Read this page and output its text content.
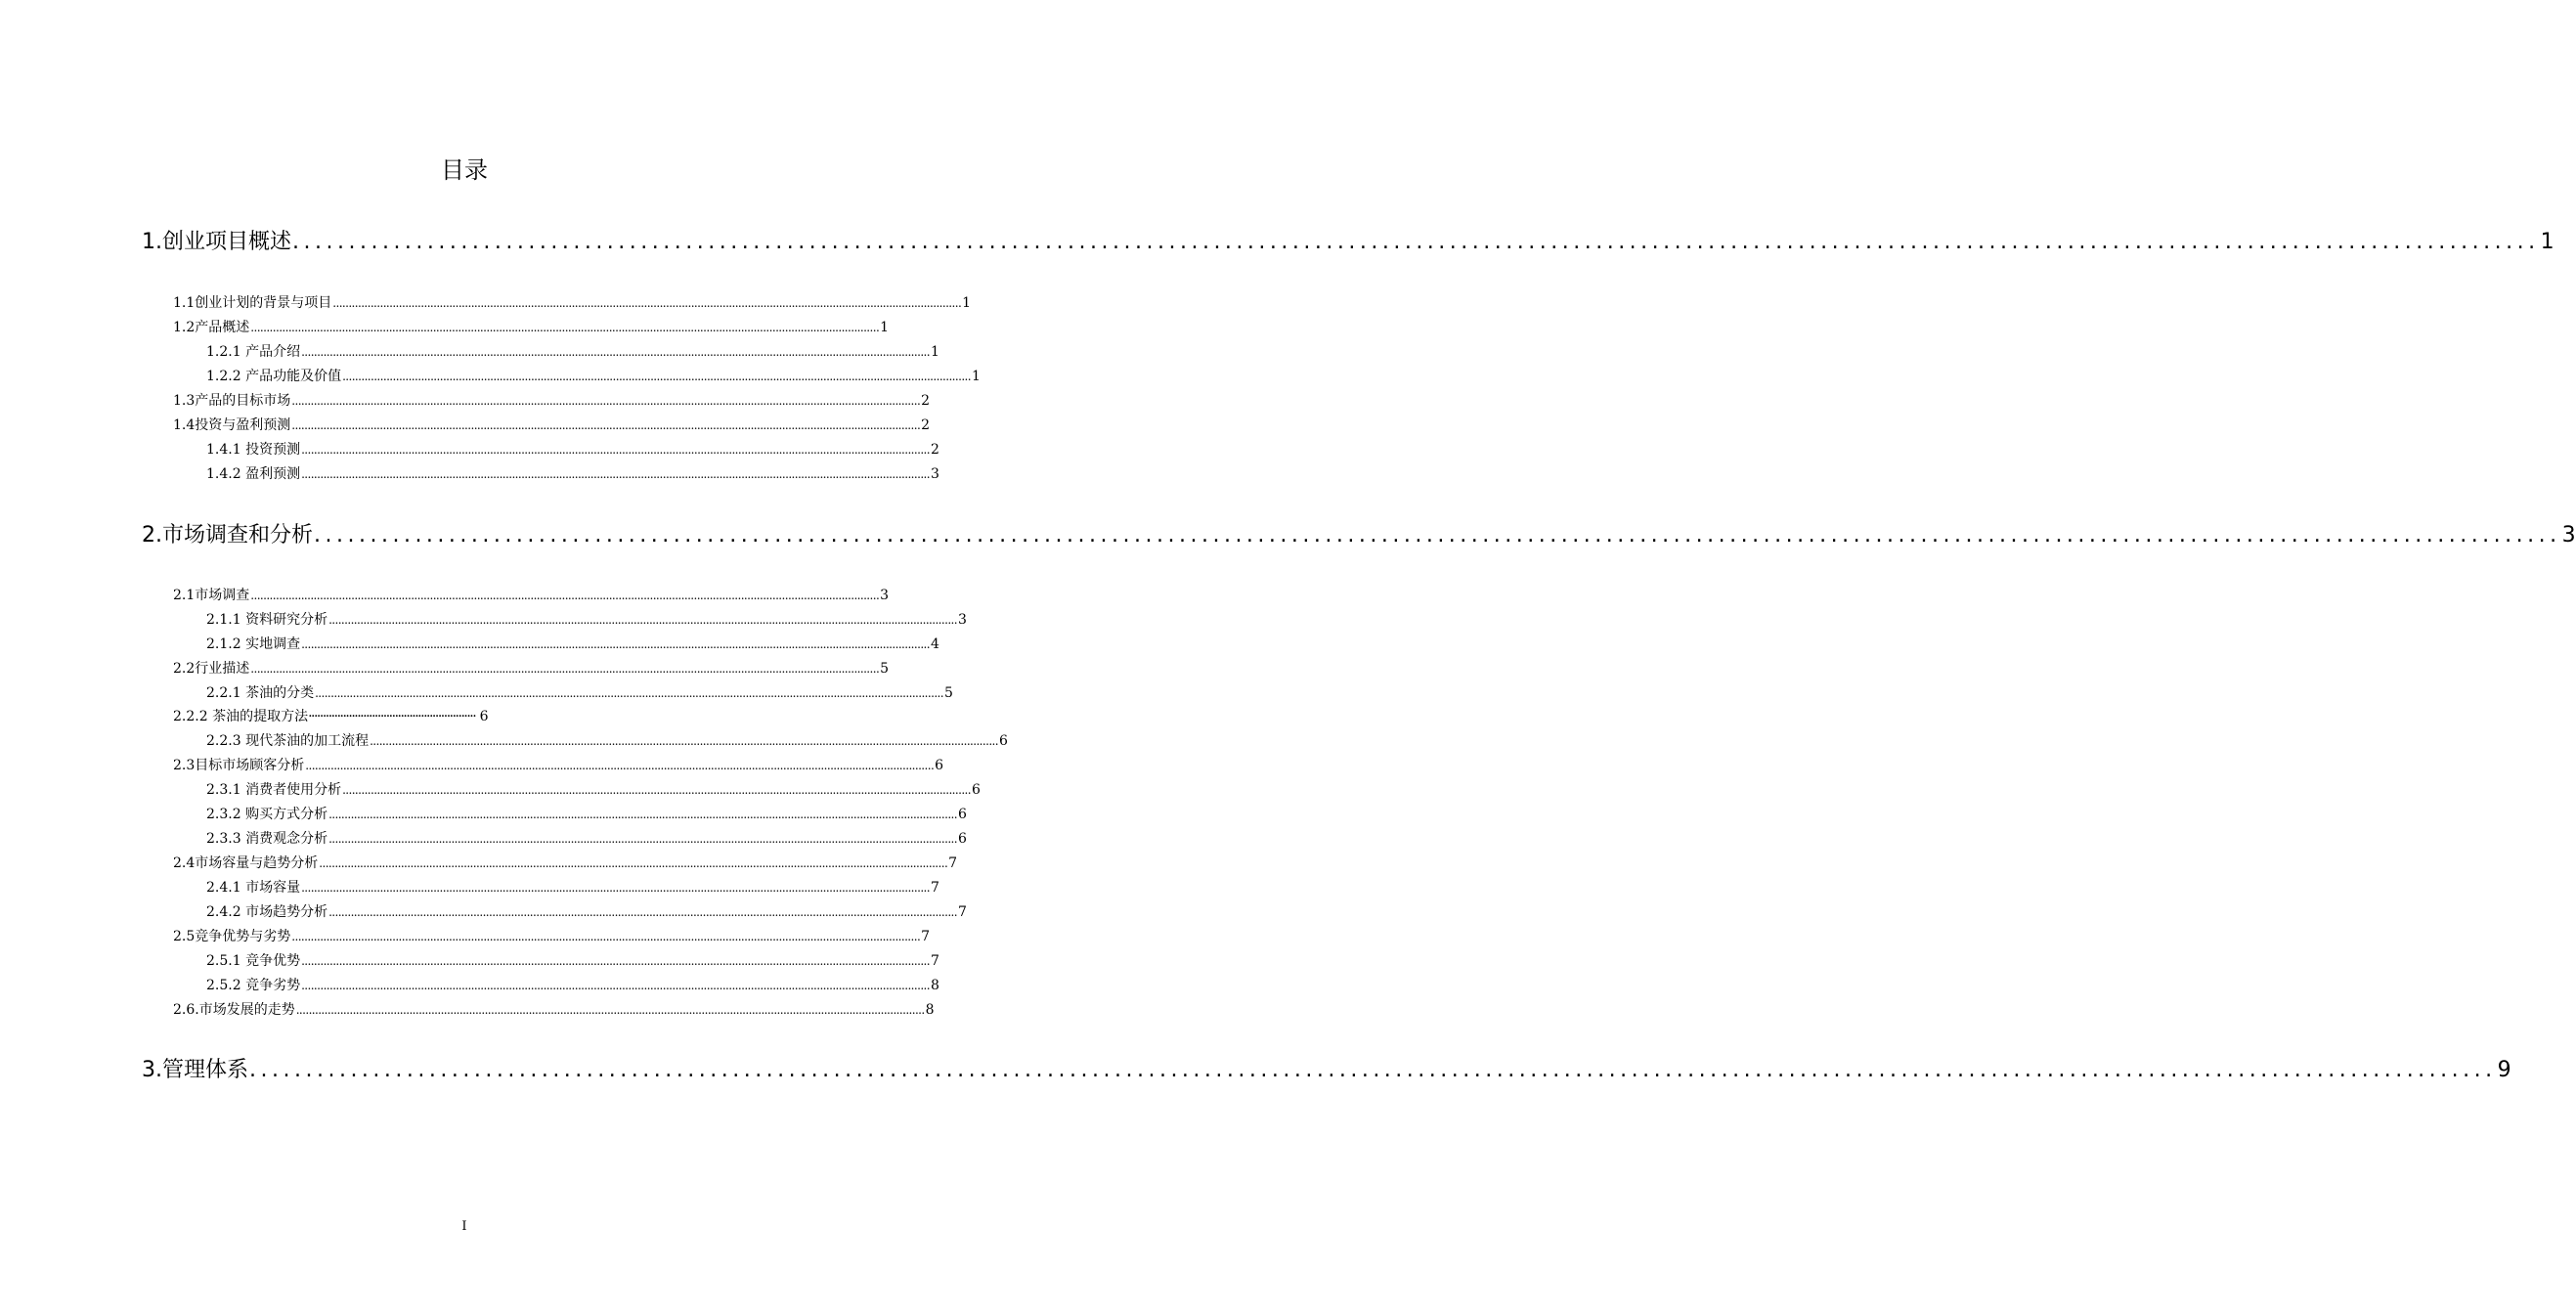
目录
1.创业项目概述 ........................................................................................................................................................................................................ 1
1.1创业计划的背景与项目 ........................................................................................................................................................................................................ 1
1.2产品概述 ........................................................................................................................................................................................................ 1
1.2.1 产品介绍 ........................................................................................................................................................................................................ 1
1.2.2 产品功能及价值 ........................................................................................................................................................................................................ 1
1.3产品的目标市场 ........................................................................................................................................................................................................ 2
1.4投资与盈利预测 ........................................................................................................................................................................................................ 2
1.4.1 投资预测 ........................................................................................................................................................................................................ 2
1.4.2 盈利预测 ........................................................................................................................................................................................................ 3
2.市场调查和分析 ........................................................................................................................................................................................................ 3
2.1市场调查 ........................................................................................................................................................................................................ 3
2.1.1 资料研究分析 ........................................................................................................................................................................................................ 3
2.1.2 实地调查 ........................................................................................................................................................................................................ 4
2.2行业描述 ........................................................................................................................................................................................................ 5
2.2.1 茶油的分类 ........................................................................................................................................................................................................ 5
2.2.2 茶油的提取方法·························································· 6
2.2.3 现代茶油的加工流程 ........................................................................................................................................................................................................ 6
2.3目标市场顾客分析 ........................................................................................................................................................................................................ 6
2.3.1 消费者使用分析 ........................................................................................................................................................................................................ 6
2.3.2 购买方式分析 ........................................................................................................................................................................................................ 6
2.3.3 消费观念分析 ........................................................................................................................................................................................................ 6
2.4市场容量与趋势分析 ........................................................................................................................................................................................................ 7
2.4.1 市场容量 ........................................................................................................................................................................................................ 7
2.4.2 市场趋势分析 ........................................................................................................................................................................................................ 7
2.5竞争优势与劣势 ........................................................................................................................................................................................................ 7
2.5.1 竞争优势 ........................................................................................................................................................................................................ 7
2.5.2 竞争劣势 ........................................................................................................................................................................................................ 8
2.6.市场发展的走势 ........................................................................................................................................................................................................ 8
3.管理体系 ........................................................................................................................................................................................................ 9
I
